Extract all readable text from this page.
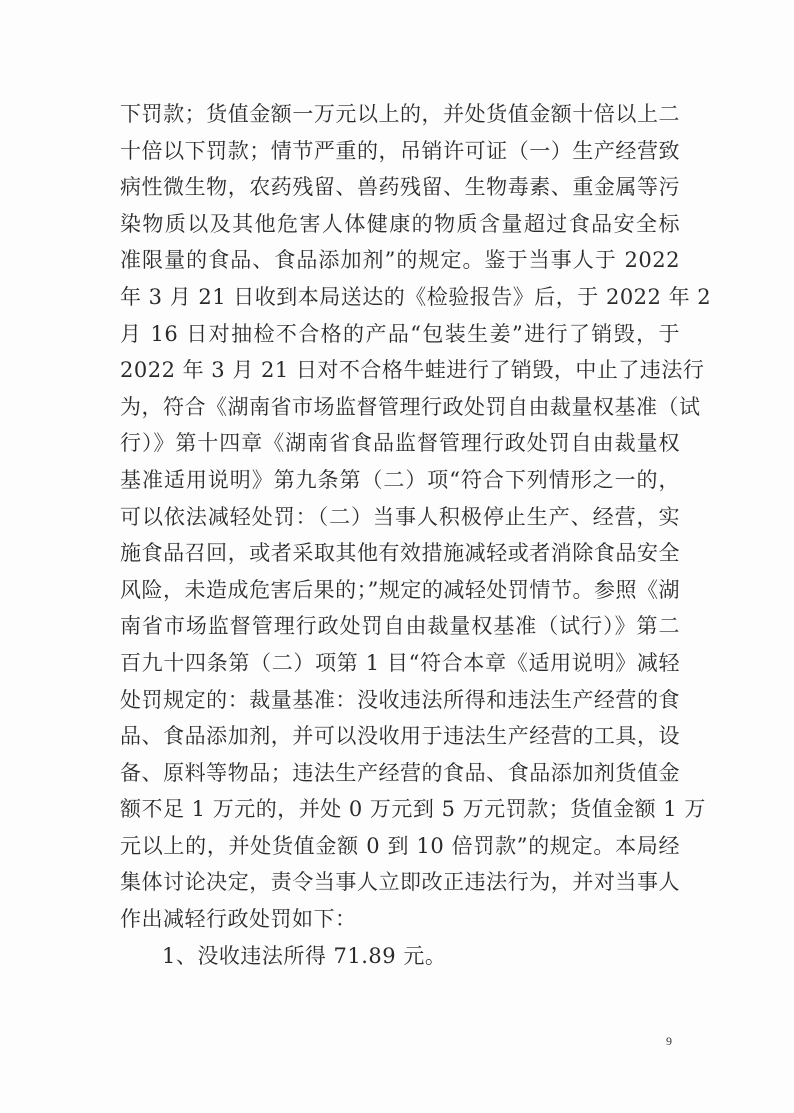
下罚款；货值金额一万元以上的，并处货值金额十倍以上二
十倍以下罚款；情节严重的，吊销许可证（一）生产经营致
病性微生物，农药残留、兽药残留、生物毒素、重金属等污
染物质以及其他危害人体健康的物质含量超过食品安全标
准限量的食品、食品添加剂”的规定。鉴于当事人于 2022
年 3 月 21 日收到本局送达的《检验报告》后，于 2022 年 2
月 16 日对抽检不合格的产品“包装生姜”进行了销毁，于
2022 年 3 月 21 日对不合格牛蛙进行了销毁，中止了违法行
为，符合《湖南省市场监督管理行政处罚自由裁量权基准（试
行）》第十四章《湖南省食品监督管理行政处罚自由裁量权
基准适用说明》第九条第（二）项“符合下列情形之一的，
可以依法减轻处罚：（二）当事人积极停止生产、经营，实
施食品召回，或者采取其他有效措施减轻或者消除食品安全
风险，未造成危害后果的；”规定的减轻处罚情节。参照《湖
南省市场监督管理行政处罚自由裁量权基准（试行）》第二
百九十四条第（二）项第 1 目“符合本章《适用说明》减轻
处罚规定的：裁量基准：没收违法所得和违法生产经营的食
品、食品添加剂，并可以没收用于违法生产经营的工具，设
备、原料等物品；违法生产经营的食品、食品添加剂货值金
额不足 1 万元的，并处 0 万元到 5 万元罚款；货值金额 1 万
元以上的，并处货值金额 0 到 10 倍罚款”的规定。本局经
集体讨论决定，责令当事人立即改正违法行为，并对当事人
作出减轻行政处罚如下：
1、没收违法所得 71.89 元。
9
